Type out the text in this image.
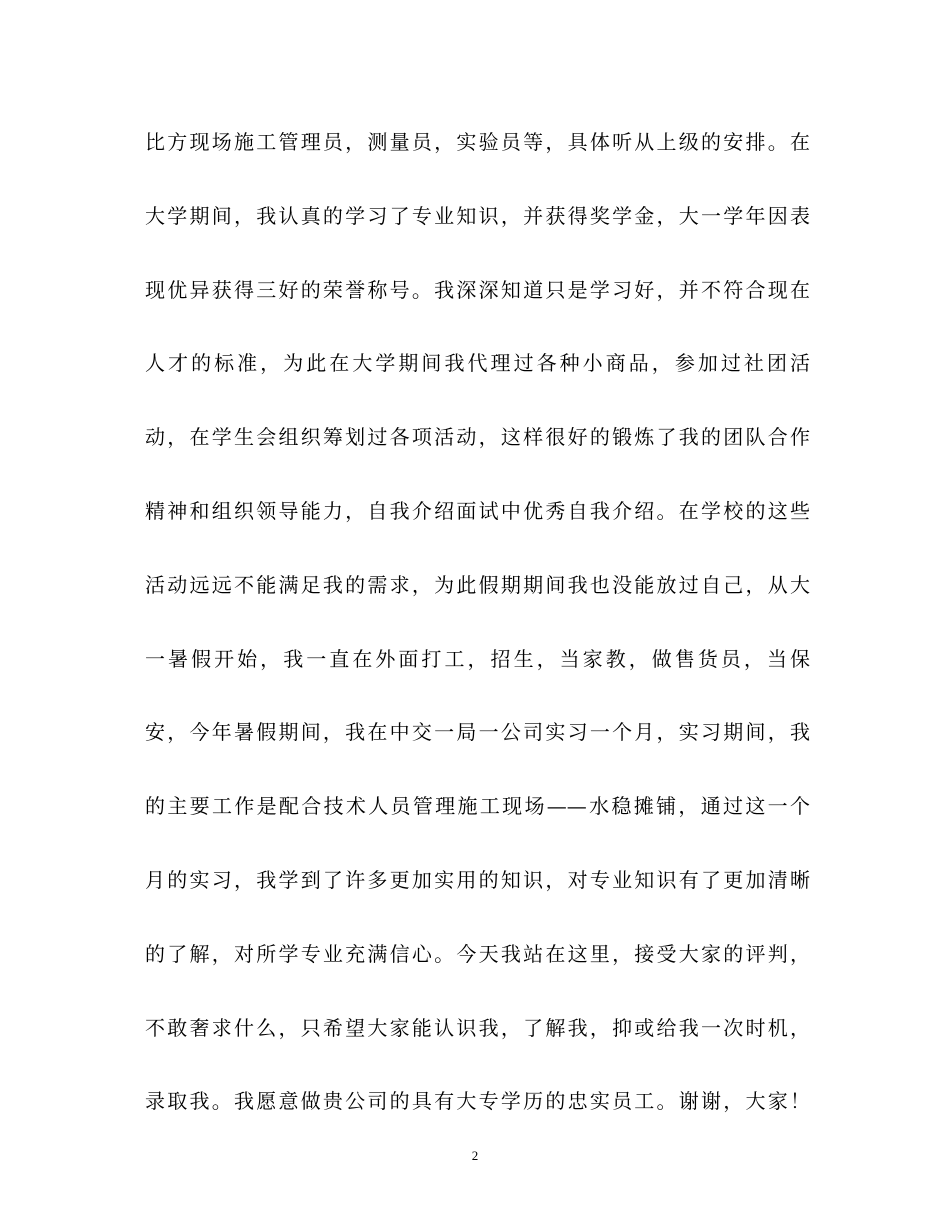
比方现场施工管理员，测量员，实验员等，具体听从上级的安排。在
大学期间，我认真的学习了专业知识，并获得奖学金，大一学年因表
现优异获得三好的荣誉称号。我深深知道只是学习好，并不符合现在
人才的标准，为此在大学期间我代理过各种小商品，参加过社团活
动，在学生会组织筹划过各项活动，这样很好的锻炼了我的团队合作
精神和组织领导能力，自我介绍面试中优秀自我介绍。在学校的这些
活动远远不能满足我的需求，为此假期期间我也没能放过自己，从大
一暑假开始，我一直在外面打工，招生，当家教，做售货员，当保
安，今年暑假期间，我在中交一局一公司实习一个月，实习期间，我
的主要工作是配合技术人员管理施工现场——水稳摊铺，通过这一个
月的实习，我学到了许多更加实用的知识，对专业知识有了更加清晰
的了解，对所学专业充满信心。今天我站在这里，接受大家的评判，
不敢奢求什么，只希望大家能认识我，了解我，抑或给我一次时机，
录取我。我愿意做贵公司的具有大专学历的忠实员工。谢谢，大家！
2
